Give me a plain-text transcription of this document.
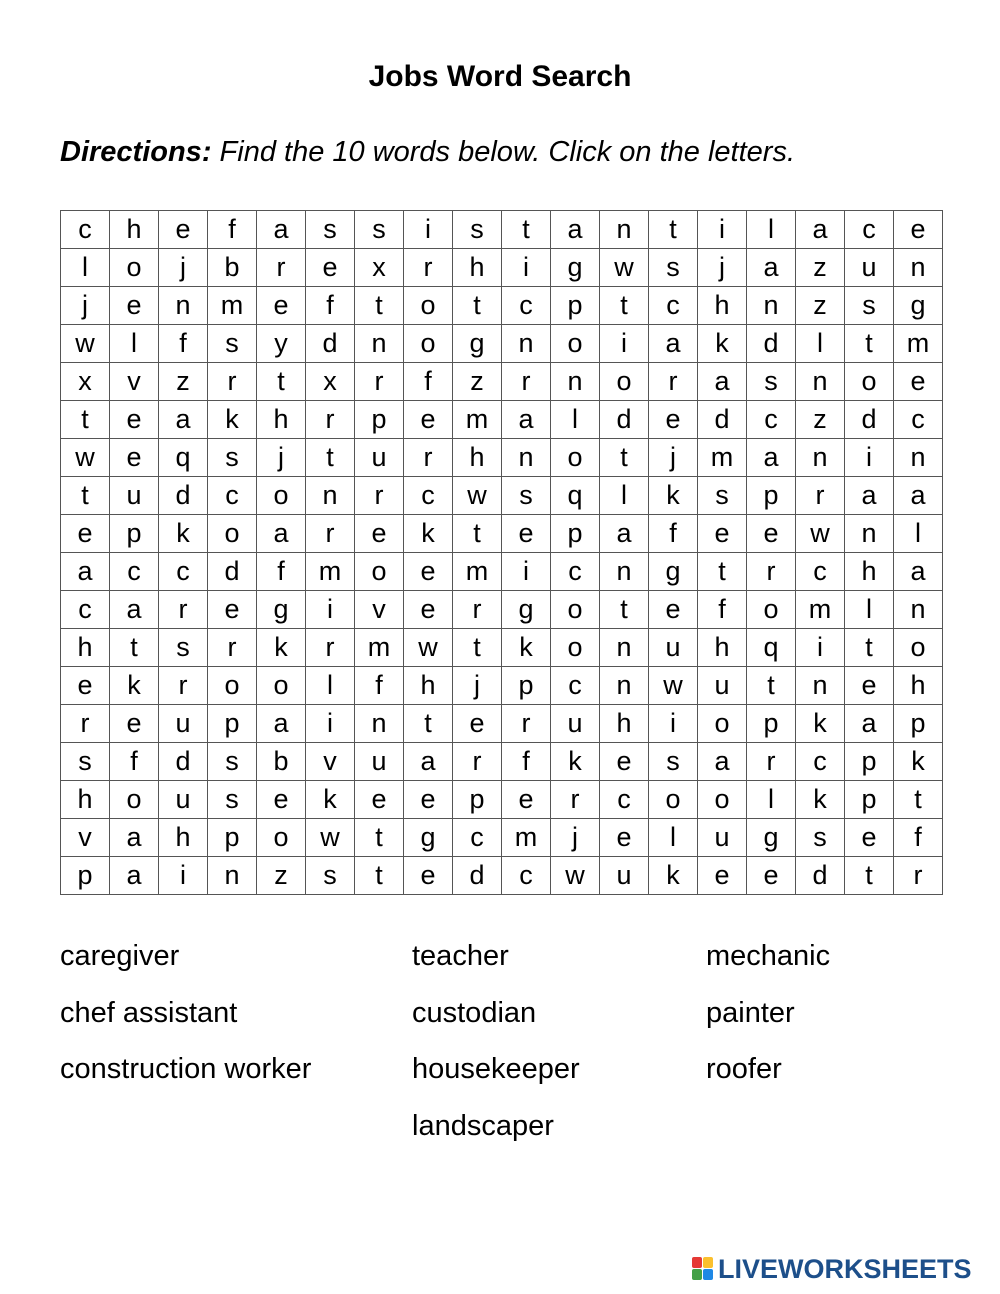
Jobs Word Search
Directions: Find the 10 words below. Click on the letters.
c	h	e	f	a	s	s	i	s	t	a	n	t	i	l	a	c	e
l	o	j	b	r	e	x	r	h	i	g	w	s	j	a	z	u	n
j	e	n	m	e	f	t	o	t	c	p	t	c	h	n	z	s	g
w	l	f	s	y	d	n	o	g	n	o	i	a	k	d	l	t	m
x	v	z	r	t	x	r	f	z	r	n	o	r	a	s	n	o	e
t	e	a	k	h	r	p	e	m	a	l	d	e	d	c	z	d	c
w	e	q	s	j	t	u	r	h	n	o	t	j	m	a	n	i	n
t	u	d	c	o	n	r	c	w	s	q	l	k	s	p	r	a	a
e	p	k	o	a	r	e	k	t	e	p	a	f	e	e	w	n	l
a	c	c	d	f	m	o	e	m	i	c	n	g	t	r	c	h	a
c	a	r	e	g	i	v	e	r	g	o	t	e	f	o	m	l	n
h	t	s	r	k	r	m	w	t	k	o	n	u	h	q	i	t	o
e	k	r	o	o	l	f	h	j	p	c	n	w	u	t	n	e	h
r	e	u	p	a	i	n	t	e	r	u	h	i	o	p	k	a	p
s	f	d	s	b	v	u	a	r	f	k	e	s	a	r	c	p	k
h	o	u	s	e	k	e	e	p	e	r	c	o	o	l	k	p	t
v	a	h	p	o	w	t	g	c	m	j	e	l	u	g	s	e	f
p	a	i	n	z	s	t	e	d	c	w	u	k	e	e	d	t	r
caregiver
chef assistant
construction worker
teacher
custodian
housekeeper
landscaper
mechanic
painter
roofer
LIVEWORKSHEETS
